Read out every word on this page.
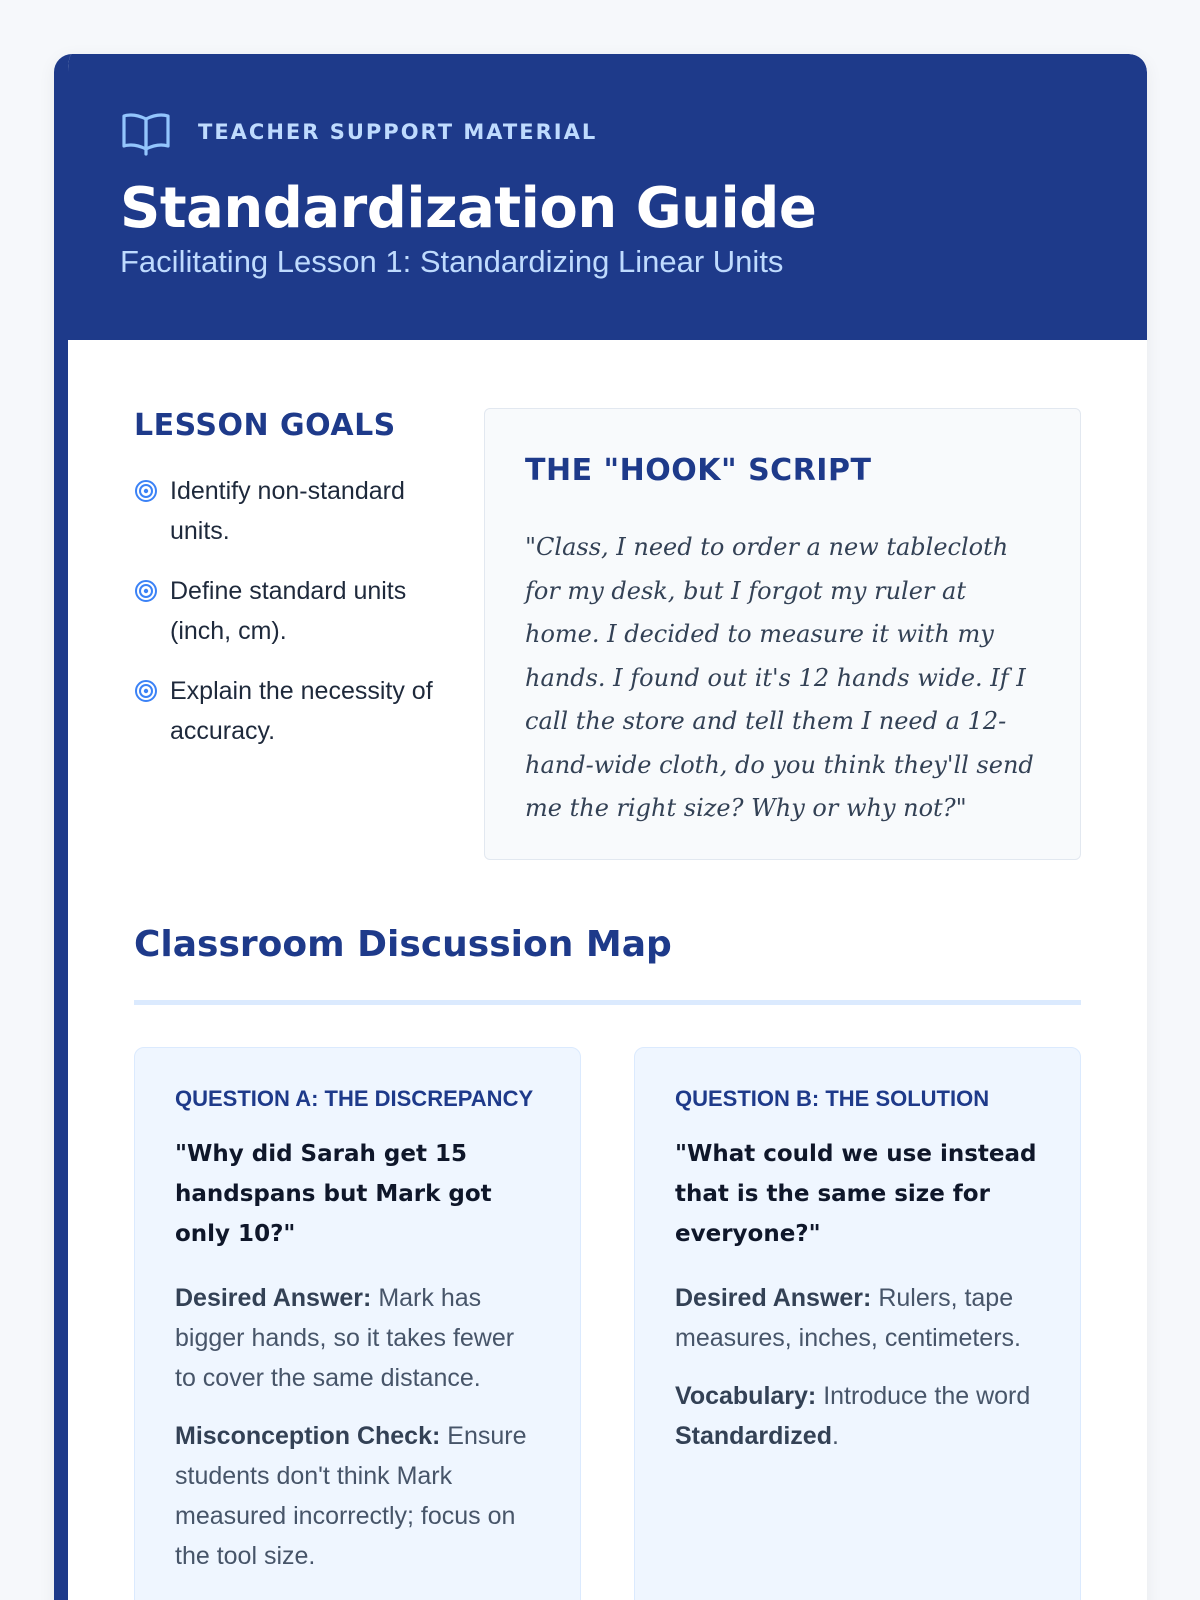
TEACHER SUPPORT MATERIAL
Standardization Guide
Facilitating Lesson 1: Standardizing Linear Units
LESSON GOALS
Identify non-standard units.
Define standard units (inch, cm).
Explain the necessity of accuracy.
THE "HOOK" SCRIPT

"Class, I need to order a new tablecloth for my desk, but I forgot my ruler at home. I decided to measure it with my hands. I found out it's 12 hands wide. If I call the store and tell them I need a 12-hand-wide cloth, do you think they'll send me the right size? Why or why not?"

Classroom Discussion Map
QUESTION A: THE DISCREPANCY

"Why did Sarah get 15 handspans but Mark got only 10?"

Desired Answer: Mark has bigger hands, so it takes fewer to cover the same distance.

Misconception Check: Ensure students don't think Mark measured incorrectly; focus on the tool size.

QUESTION B: THE SOLUTION

"What could we use instead that is the same size for everyone?"

Desired Answer: Rulers, tape measures, inches, centimeters.

Vocabulary: Introduce the word Standardized.
